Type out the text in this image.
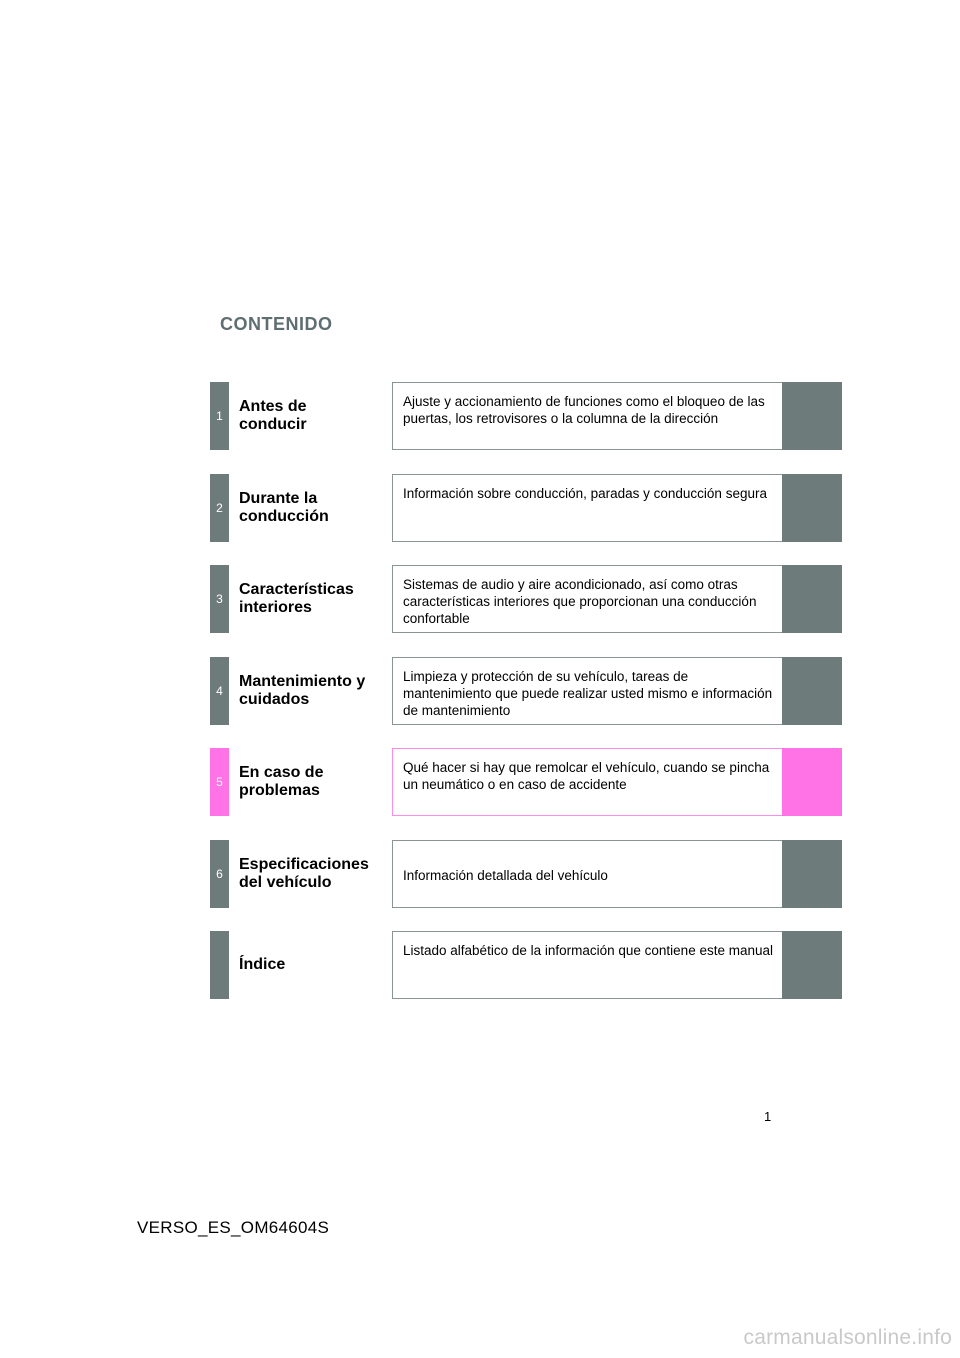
CONTENIDO
1
Antes de
conducir
Ajuste y accionamiento de funciones como el bloqueo de las puertas, los retrovisores o la columna de la dirección
2
Durante la
conducción
Información sobre conducción, paradas y conducción segura
3
Características
interiores
Sistemas de audio y aire acondicionado, así como otras características interiores que proporcionan una conducción confortable
4
Mantenimiento y
cuidados
Limpieza y protección de su vehículo, tareas de mantenimiento que puede realizar usted mismo e información de mantenimiento
5
En caso de
problemas
Qué hacer si hay que remolcar el vehículo, cuando se pincha un neumático o en caso de accidente
6
Especificaciones
del vehículo	Información detallada del vehículo
Índice
Listado alfabético de la información que contiene este manual
1
VERSO_ES_OM64604S
carmanualsonline.info
